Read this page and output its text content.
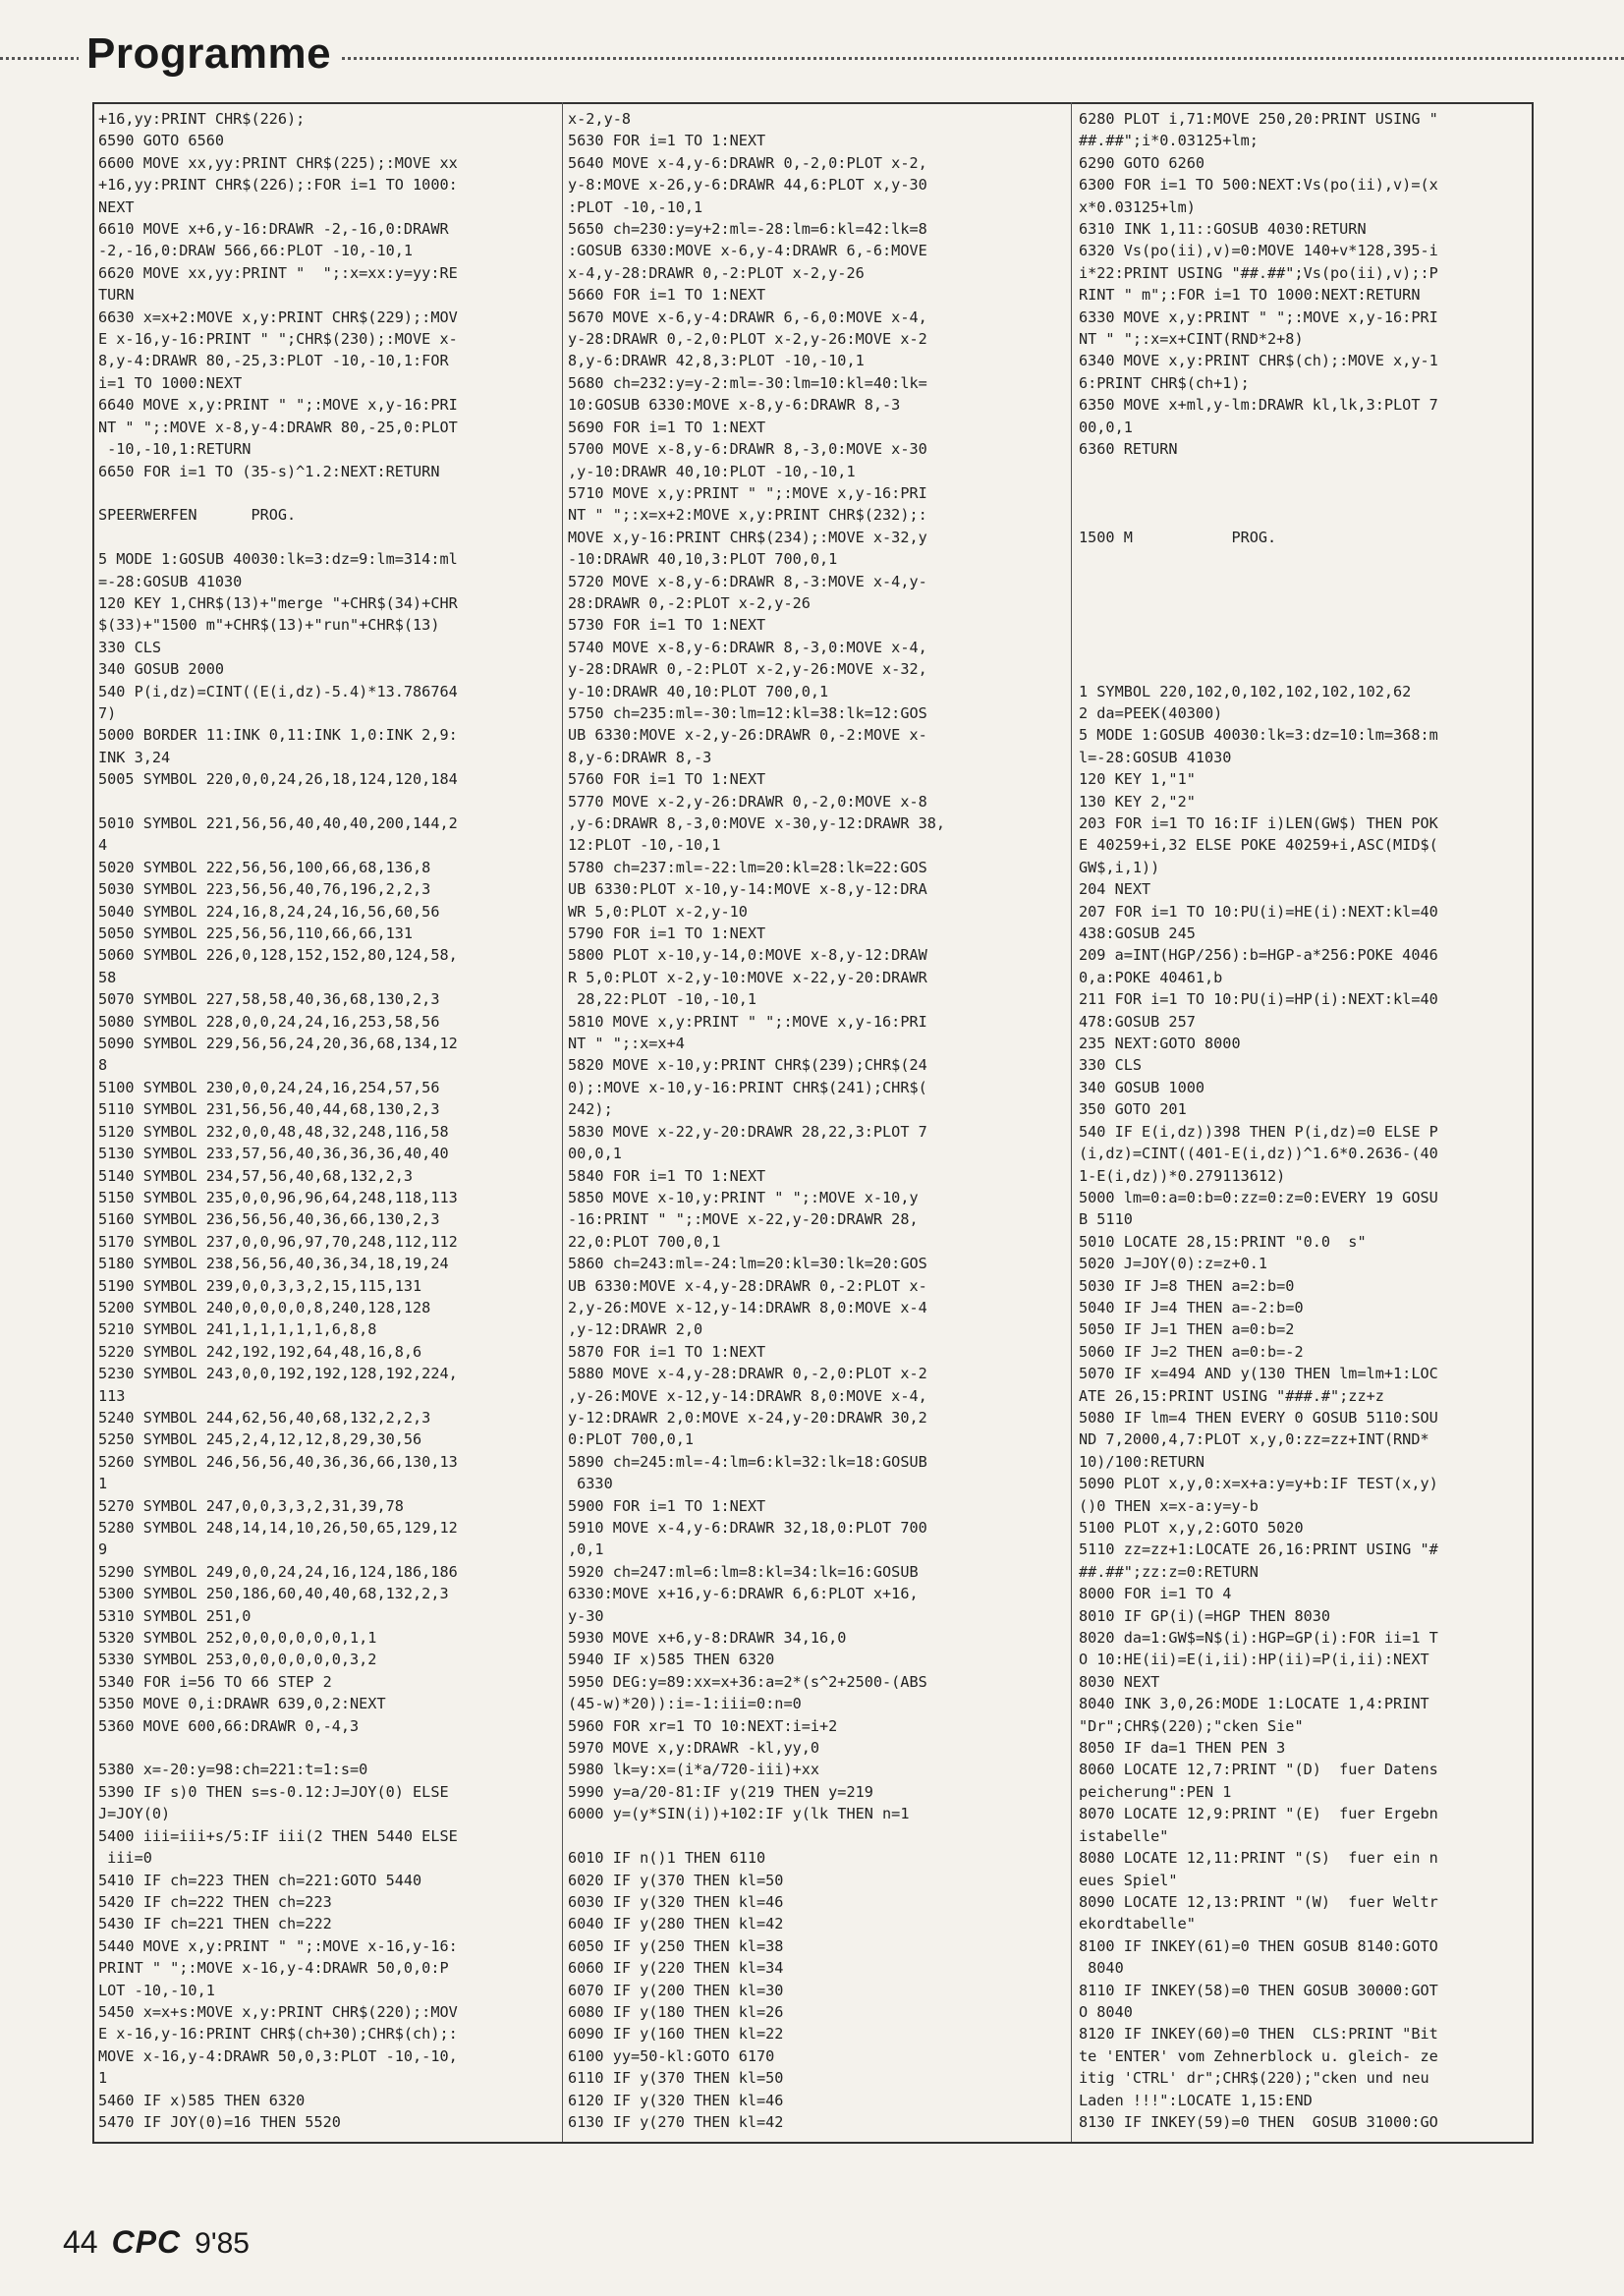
Programme
+16,yy:PRINT CHR$(226);
6590 GOTO 6560
6600 MOVE xx,yy:PRINT CHR$(225);:MOVE xx
+16,yy:PRINT CHR$(226);:FOR i=1 TO 1000:
NEXT
6610 MOVE x+6,y-16:DRAWR -2,-16,0:DRAWR
-2,-16,0:DRAW 566,66:PLOT -10,-10,1
6620 MOVE xx,yy:PRINT "  ";:x=xx:y=yy:RE
TURN
6630 x=x+2:MOVE x,y:PRINT CHR$(229);:MOV
E x-16,y-16:PRINT " ";CHR$(230);:MOVE x-
8,y-4:DRAWR 80,-25,3:PLOT -10,-10,1:FOR
i=1 TO 1000:NEXT
6640 MOVE x,y:PRINT " ";:MOVE x,y-16:PRI
NT " ";:MOVE x-8,y-4:DRAWR 80,-25,0:PLOT
-10,-10,1:RETURN
6650 FOR i=1 TO (35-s)^1.2:NEXT:RETURN

SPEERWERFEN      PROG.

5 MODE 1:GOSUB 40030:lk=3:dz=9:lm=314:ml
=-28:GOSUB 41030
120 KEY 1,CHR$(13)+"merge "+CHR$(34)+CHR
$(33)+"1500 m"+CHR$(13)+"run"+CHR$(13)
330 CLS
340 GOSUB 2000
540 P(i,dz)=CINT((E(i,dz)-5.4)*13.786764
7)
5000 BORDER 11:INK 0,11:INK 1,0:INK 2,9:
INK 3,24
5005 SYMBOL 220,0,0,24,26,18,124,120,184

5010 SYMBOL 221,56,56,40,40,40,200,144,2
4
5020 SYMBOL 222,56,56,100,66,68,136,8
5030 SYMBOL 223,56,56,40,76,196,2,2,3
5040 SYMBOL 224,16,8,24,24,16,56,60,56
5050 SYMBOL 225,56,56,110,66,66,131
5060 SYMBOL 226,0,128,152,152,80,124,58,
58
5070 SYMBOL 227,58,58,40,36,68,130,2,3
5080 SYMBOL 228,0,0,24,24,16,253,58,56
5090 SYMBOL 229,56,56,24,20,36,68,134,12
8
5100 SYMBOL 230,0,0,24,24,16,254,57,56
5110 SYMBOL 231,56,56,40,44,68,130,2,3
5120 SYMBOL 232,0,0,48,48,32,248,116,58
5130 SYMBOL 233,57,56,40,36,36,36,40,40
5140 SYMBOL 234,57,56,40,68,132,2,3
5150 SYMBOL 235,0,0,96,96,64,248,118,113
5160 SYMBOL 236,56,56,40,36,66,130,2,3
5170 SYMBOL 237,0,0,96,97,70,248,112,112
5180 SYMBOL 238,56,56,40,36,34,18,19,24
5190 SYMBOL 239,0,0,3,3,2,15,115,131
5200 SYMBOL 240,0,0,0,0,8,240,128,128
5210 SYMBOL 241,1,1,1,1,1,6,8,8
5220 SYMBOL 242,192,192,64,48,16,8,6
5230 SYMBOL 243,0,0,192,192,128,192,224,
113
5240 SYMBOL 244,62,56,40,68,132,2,2,3
5250 SYMBOL 245,2,4,12,12,8,29,30,56
5260 SYMBOL 246,56,56,40,36,36,66,130,13
1
5270 SYMBOL 247,0,0,3,3,2,31,39,78
5280 SYMBOL 248,14,14,10,26,50,65,129,12
9
5290 SYMBOL 249,0,0,24,24,16,124,186,186
5300 SYMBOL 250,186,60,40,40,68,132,2,3
5310 SYMBOL 251,0
5320 SYMBOL 252,0,0,0,0,0,0,1,1
5330 SYMBOL 253,0,0,0,0,0,0,3,2
5340 FOR i=56 TO 66 STEP 2
5350 MOVE 0,i:DRAWR 639,0,2:NEXT
5360 MOVE 600,66:DRAWR 0,-4,3

5380 x=-20:y=98:ch=221:t=1:s=0
5390 IF s)0 THEN s=s-0.12:J=JOY(0) ELSE
J=JOY(0)
5400 iii=iii+s/5:IF iii(2 THEN 5440 ELSE
iii=0
5410 IF ch=223 THEN ch=221:GOTO 5440
5420 IF ch=222 THEN ch=223
5430 IF ch=221 THEN ch=222
5440 MOVE x,y:PRINT " ";:MOVE x-16,y-16:
PRINT " ";:MOVE x-16,y-4:DRAWR 50,0,0:P
LOT -10,-10,1
5450 x=x+s:MOVE x,y:PRINT CHR$(220);:MOV
E x-16,y-16:PRINT CHR$(ch+30);CHR$(ch);:
MOVE x-16,y-4:DRAWR 50,0,3:PLOT -10,-10,
1
5460 IF x)585 THEN 6320
5470 IF JOY(0)=16 THEN 5520

x-2,y-8
5630 FOR i=1 TO 1:NEXT
5640 MOVE x-4,y-6:DRAWR 0,-2,0:PLOT x-2,
y-8:MOVE x-26,y-6:DRAWR 44,6:PLOT x,y-30
:PLOT -10,-10,1
5650 ch=230:y=y+2:ml=-28:lm=6:kl=42:lk=8
:GOSUB 6330:MOVE x-6,y-4:DRAWR 6,-6:MOVE
x-4,y-28:DRAWR 0,-2:PLOT x-2,y-26
5660 FOR i=1 TO 1:NEXT
5670 MOVE x-6,y-4:DRAWR 6,-6,0:MOVE x-4,
y-28:DRAWR 0,-2,0:PLOT x-2,y-26:MOVE x-2
8,y-6:DRAWR 42,8,3:PLOT -10,-10,1
5680 ch=232:y=y-2:ml=-30:lm=10:kl=40:lk=
10:GOSUB 6330:MOVE x-8,y-6:DRAWR 8,-3
5690 FOR i=1 TO 1:NEXT
5700 MOVE x-8,y-6:DRAWR 8,-3,0:MOVE x-30
,y-10:DRAWR 40,10:PLOT -10,-10,1
5710 MOVE x,y:PRINT " ";:MOVE x,y-16:PRI
NT " ";:x=x+2:MOVE x,y:PRINT CHR$(232);:
MOVE x,y-16:PRINT CHR$(234);:MOVE x-32,y
-10:DRAWR 40,10,3:PLOT 700,0,1
5720 MOVE x-8,y-6:DRAWR 8,-3:MOVE x-4,y-
28:DRAWR 0,-2:PLOT x-2,y-26
5730 FOR i=1 TO 1:NEXT
5740 MOVE x-8,y-6:DRAWR 8,-3,0:MOVE x-4,
y-28:DRAWR 0,-2:PLOT x-2,y-26:MOVE x-32,
y-10:DRAWR 40,10:PLOT 700,0,1
5750 ch=235:ml=-30:lm=12:kl=38:lk=12:GOS
UB 6330:MOVE x-2,y-26:DRAWR 0,-2:MOVE x-
8,y-6:DRAWR 8,-3
5760 FOR i=1 TO 1:NEXT
5770 MOVE x-2,y-26:DRAWR 0,-2,0:MOVE x-8
,y-6:DRAWR 8,-3,0:MOVE x-30,y-12:DRAWR 38,
12:PLOT -10,-10,1
5780 ch=237:ml=-22:lm=20:kl=28:lk=22:GOS
UB 6330:PLOT x-10,y-14:MOVE x-8,y-12:DRA
WR 5,0:PLOT x-2,y-10
5790 FOR i=1 TO 1:NEXT
5800 PLOT x-10,y-14,0:MOVE x-8,y-12:DRAW
R 5,0:PLOT x-2,y-10:MOVE x-22,y-20:DRAWR
28,22:PLOT -10,-10,1
5810 MOVE x,y:PRINT " ";:MOVE x,y-16:PRI
NT " ";:x=x+4
5820 MOVE x-10,y:PRINT CHR$(239);CHR$(24
0);:MOVE x-10,y-16:PRINT CHR$(241);CHR$(
242);
5830 MOVE x-22,y-20:DRAWR 28,22,3:PLOT 7
00,0,1
5840 FOR i=1 TO 1:NEXT
5850 MOVE x-10,y:PRINT " ";:MOVE x-10,y
-16:PRINT " ";:MOVE x-22,y-20:DRAWR 28,
22,0:PLOT 700,0,1
5860 ch=243:ml=-24:lm=20:kl=30:lk=20:GOS
UB 6330:MOVE x-4,y-28:DRAWR 0,-2:PLOT x-
2,y-26:MOVE x-12,y-14:DRAWR 8,0:MOVE x-4
,y-12:DRAWR 2,0
5870 FOR i=1 TO 1:NEXT
5880 MOVE x-4,y-28:DRAWR 0,-2,0:PLOT x-2
,y-26:MOVE x-12,y-14:DRAWR 8,0:MOVE x-4,
y-12:DRAWR 2,0:MOVE x-24,y-20:DRAWR 30,2
0:PLOT 700,0,1
5890 ch=245:ml=-4:lm=6:kl=32:lk=18:GOSUB
6330
5900 FOR i=1 TO 1:NEXT
5910 MOVE x-4,y-6:DRAWR 32,18,0:PLOT 700
,0,1
5920 ch=247:ml=6:lm=8:kl=34:lk=16:GOSUB
6330:MOVE x+16,y-6:DRAWR 6,6:PLOT x+16,
y-30
5930 MOVE x+6,y-8:DRAWR 34,16,0
5940 IF x)585 THEN 6320
5950 DEG:y=89:xx=x+36:a=2*(s^2+2500-(ABS
(45-w)*20)):i=-1:iii=0:n=0
5960 FOR xr=1 TO 10:NEXT:i=i+2
5970 MOVE x,y:DRAWR -kl,yy,0
5980 lk=y:x=(i*a/720-iii)+xx
5990 y=a/20-81:IF y(219 THEN y=219
6000 y=(y*SIN(i))+102:IF y(lk THEN n=1

6010 IF n()1 THEN 6110
6020 IF y(370 THEN kl=50
6030 IF y(320 THEN kl=46
6040 IF y(280 THEN kl=42
6050 IF y(250 THEN kl=38
6060 IF y(220 THEN kl=34
6070 IF y(200 THEN kl=30
6080 IF y(180 THEN kl=26
6090 IF y(160 THEN kl=22
6100 yy=50-kl:GOTO 6170
6110 IF y(370 THEN kl=50
6120 IF y(320 THEN kl=46
6130 IF y(270 THEN kl=42
6280 PLOT i,71:MOVE 250,20:PRINT USING "
##.##";i*0.03125+lm;
6290 GOTO 6260
6300 FOR i=1 TO 500:NEXT:Vs(po(ii),v)=(x
x*0.03125+lm)
6310 INK 1,11::GOSUB 4030:RETURN
6320 Vs(po(ii),v)=0:MOVE 140+v*128,395-i
i*22:PRINT USING "##.##";Vs(po(ii),v);:P
RINT " m";:FOR i=1 TO 1000:NEXT:RETURN
6330 MOVE x,y:PRINT " ";:MOVE x,y-16:PRI
NT " ";:x=x+CINT(RND*2+8)
6340 MOVE x,y:PRINT CHR$(ch);:MOVE x,y-1
6:PRINT CHR$(ch+1);
6350 MOVE x+ml,y-lm:DRAWR kl,lk,3:PLOT 7
00,0,1
6360 RETURN

1500 M           PROG.

1 SYMBOL 220,102,0,102,102,102,102,62
2 da=PEEK(40300)
5 MODE 1:GOSUB 40030:lk=3:dz=10:lm=368:m
l=-28:GOSUB 41030
120 KEY 1,"1"
130 KEY 2,"2"
203 FOR i=1 TO 16:IF i)LEN(GW$) THEN POK
E 40259+i,32 ELSE POKE 40259+i,ASC(MID$(
GW$,i,1))
204 NEXT
207 FOR i=1 TO 10:PU(i)=HE(i):NEXT:kl=40
438:GOSUB 245
209 a=INT(HGP/256):b=HGP-a*256:POKE 4046
0,a:POKE 40461,b
211 FOR i=1 TO 10:PU(i)=HP(i):NEXT:kl=40
478:GOSUB 257
235 NEXT:GOTO 8000
330 CLS
340 GOSUB 1000
350 GOTO 201
540 IF E(i,dz))398 THEN P(i,dz)=0 ELSE P
(i,dz)=CINT((401-E(i,dz))^1.6*0.2636-(40
1-E(i,dz))*0.279113612)
5000 lm=0:a=0:b=0:zz=0:z=0:EVERY 19 GOSU
B 5110
5010 LOCATE 28,15:PRINT "0.0  s"
5020 J=JOY(0):z=z+0.1
5030 IF J=8 THEN a=2:b=0
5040 IF J=4 THEN a=-2:b=0
5050 IF J=1 THEN a=0:b=2
5060 IF J=2 THEN a=0:b=-2
5070 IF x=494 AND y(130 THEN lm=lm+1:LOC
ATE 26,15:PRINT USING "###.#";zz+z
5080 IF lm=4 THEN EVERY 0 GOSUB 5110:SOU
ND 7,2000,4,7:PLOT x,y,0:zz=zz+INT(RND*
10)/100:RETURN
5090 PLOT x,y,0:x=x+a:y=y+b:IF TEST(x,y)
()0 THEN x=x-a:y=y-b
5100 PLOT x,y,2:GOTO 5020
5110 zz=zz+1:LOCATE 26,16:PRINT USING "#
##.##";zz:z=0:RETURN
8000 FOR i=1 TO 4
8010 IF GP(i)(=HGP THEN 8030
8020 da=1:GW$=N$(i):HGP=GP(i):FOR ii=1 T
O 10:HE(ii)=E(i,ii):HP(ii)=P(i,ii):NEXT
8030 NEXT
8040 INK 3,0,26:MODE 1:LOCATE 1,4:PRINT
"Dr";CHR$(220);"cken Sie"
8050 IF da=1 THEN PEN 3
8060 LOCATE 12,7:PRINT "(D)  fuer Datens
peicherung":PEN 1
8070 LOCATE 12,9:PRINT "(E)  fuer Ergebn
istabelle"
8080 LOCATE 12,11:PRINT "(S)  fuer ein n
eues Spiel"
8090 LOCATE 12,13:PRINT "(W)  fuer Weltr
ekordtabelle"
8100 IF INKEY(61)=0 THEN GOSUB 8140:GOTO
8040
8110 IF INKEY(58)=0 THEN GOSUB 30000:GOT
O 8040
8120 IF INKEY(60)=0 THEN  CLS:PRINT "Bit
te 'ENTER' vom Zehnerblock u. gleich- ze
itig 'CTRL' dr";CHR$(220);"cken und neu
Laden !!!":LOCATE 1,15:END
8130 IF INKEY(59)=0 THEN  GOSUB 31000:GO
44 CPC 9'85
